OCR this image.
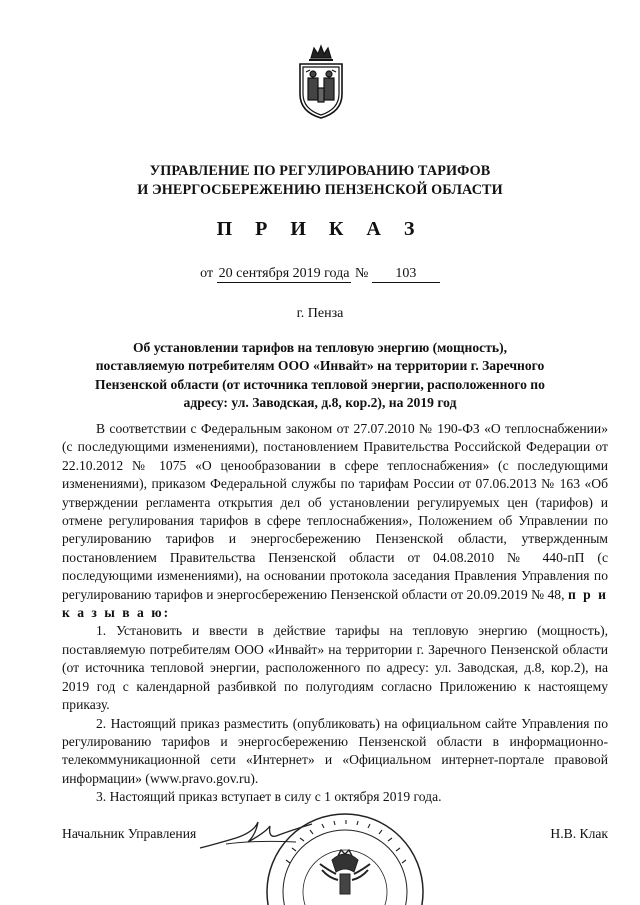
УПРАВЛЕНИЕ ПО РЕГУЛИРОВАНИЮ ТАРИФОВ
И ЭНЕРГОСБЕРЕЖЕНИЮ ПЕНЗЕНСКОЙ ОБЛАСТИ
П Р И К А З
от 20 сентября 2019 года № 103
г. Пенза
Об установлении тарифов на тепловую энергию (мощность),
поставляемую потребителям ООО «Инвайт» на территории г. Заречного
Пензенской области (от источника тепловой энергии, расположенного по
адресу: ул. Заводская, д.8, кор.2), на 2019 год

В соответствии с Федеральным законом от 27.07.2010 № 190-ФЗ «О теплоснабжении» (с последующими изменениями), постановлением Правительства Российской Федерации от 22.10.2012 № 1075 «О ценообразовании в сфере теплоснабжения» (с последующими изменениями), приказом Федеральной службы по тарифам России от 07.06.2013 № 163 «Об утверждении регламента открытия дел об установлении регулируемых цен (тарифов) и отмене регулирования тарифов в сфере теплоснабжения», Положением об Управлении по регулированию тарифов и энергосбережению Пензенской области, утвержденным постановлением Правительства Пензенской области от 04.08.2010 № 440-пП (с последующими изменениями), на основании протокола заседания Правления Управления по регулированию тарифов и энергосбережению Пензенской области от 20.09.2019 № 48, п р и к а з ы в а ю:

1. Установить и ввести в действие тарифы на тепловую энергию (мощность), поставляемую потребителям ООО «Инвайт» на территории г. Заречного Пензенской области (от источника тепловой энергии, расположенного по адресу: ул. Заводская, д.8, кор.2), на 2019 год с календарной разбивкой по полугодиям согласно Приложению к настоящему приказу.

2. Настоящий приказ разместить (опубликовать) на официальном сайте Управления по регулированию тарифов и энергосбережению Пензенской области в информационно-телекоммуникационной сети «Интернет» и «Официальном интернет-портале правовой информации» (www.pravo.gov.ru).

3. Настоящий приказ вступает в силу с 1 октября 2019 года.

Начальник Управления	Н.В. Клак
